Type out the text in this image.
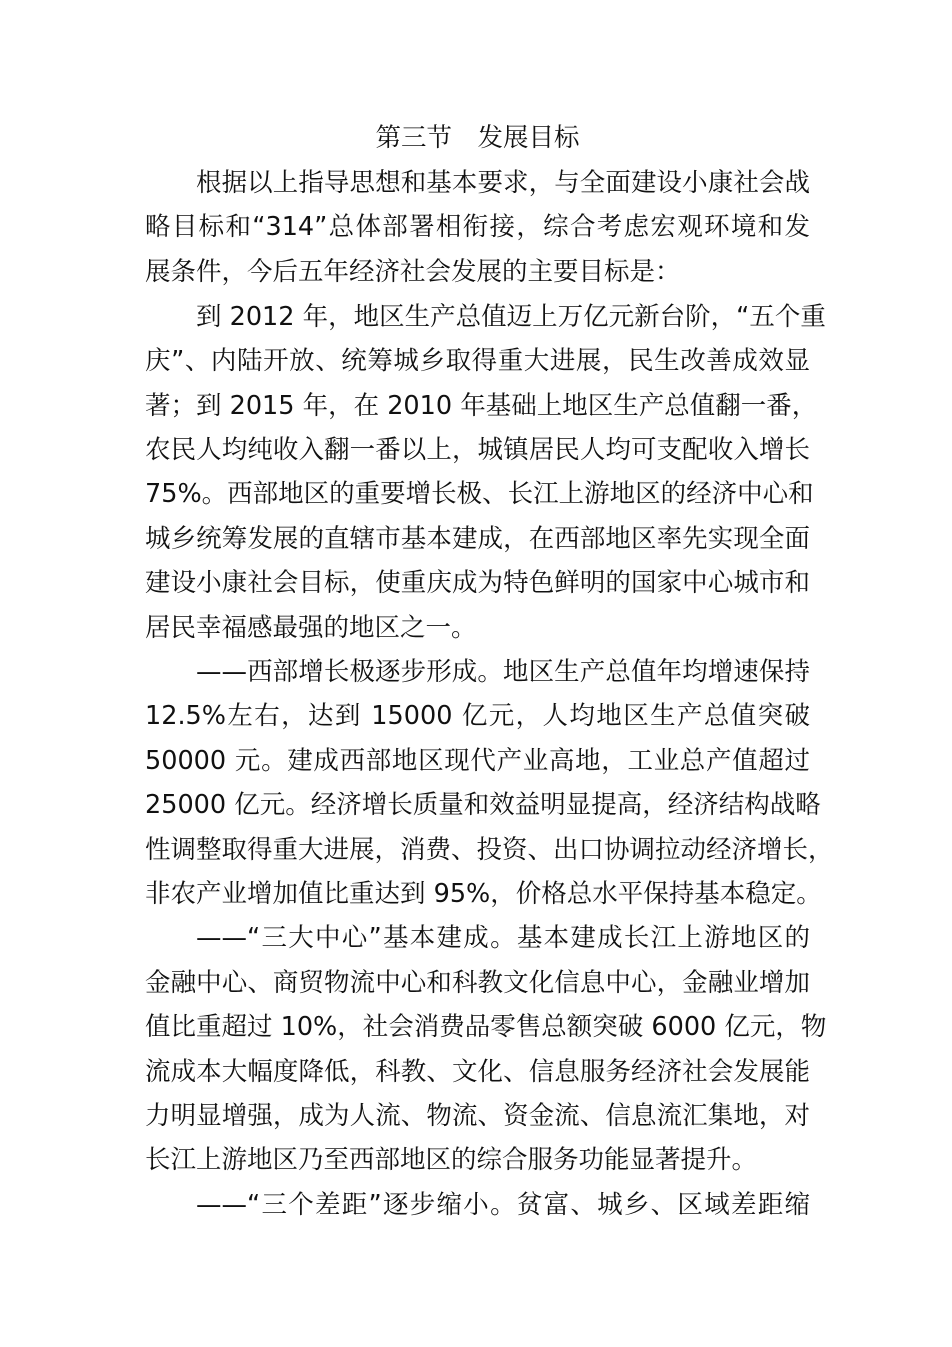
第三节　发展目标
根据以上指导思想和基本要求，与全面建设小康社会战
略目标和“314”总体部署相衔接，综合考虑宏观环境和发
展条件，今后五年经济社会发展的主要目标是：
到 2012 年，地区生产总值迈上万亿元新台阶，“五个重
庆”、内陆开放、统筹城乡取得重大进展，民生改善成效显
著；到 2015 年，在 2010 年基础上地区生产总值翻一番，
农民人均纯收入翻一番以上，城镇居民人均可支配收入增长
75%。西部地区的重要增长极、长江上游地区的经济中心和
城乡统筹发展的直辖市基本建成，在西部地区率先实现全面
建设小康社会目标，使重庆成为特色鲜明的国家中心城市和
居民幸福感最强的地区之一。
——西部增长极逐步形成。地区生产总值年均增速保持
12.5%左右，达到 15000 亿元，人均地区生产总值突破
50000 元。建成西部地区现代产业高地，工业总产值超过
25000 亿元。经济增长质量和效益明显提高，经济结构战略
性调整取得重大进展，消费、投资、出口协调拉动经济增长，
非农产业增加值比重达到 95%，价格总水平保持基本稳定。
——“三大中心”基本建成。基本建成长江上游地区的
金融中心、商贸物流中心和科教文化信息中心，金融业增加
值比重超过 10%，社会消费品零售总额突破 6000 亿元，物
流成本大幅度降低，科教、文化、信息服务经济社会发展能
力明显增强，成为人流、物流、资金流、信息流汇集地，对
长江上游地区乃至西部地区的综合服务功能显著提升。
——“三个差距”逐步缩小。贫富、城乡、区域差距缩
